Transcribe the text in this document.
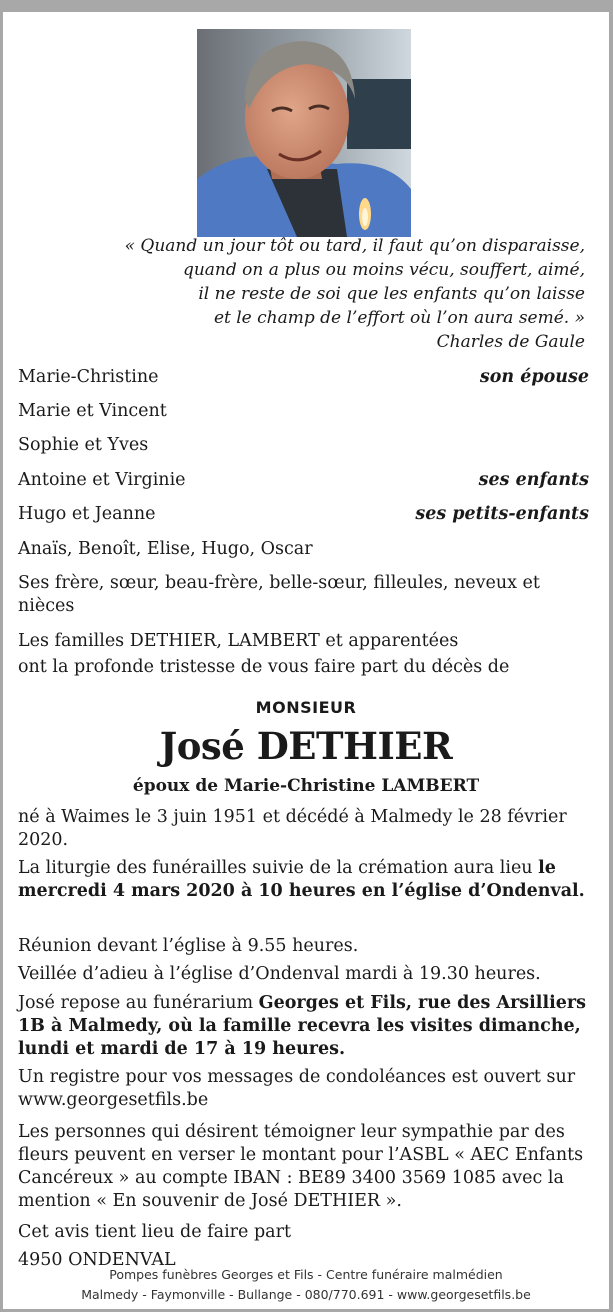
« Quand un jour tôt ou tard, il faut qu’on disparaisse,
quand on a plus ou moins vécu, souffert, aimé,
il ne reste de soi que les enfants qu’on laisse
et le champ de l’effort où l’on aura semé. »
Charles de Gaule
Marie-Christine	son épouse
Marie et Vincent
Sophie et Yves
Antoine et Virginie	ses enfants
Hugo et Jeanne	ses petits-enfants
Anaïs, Benoît, Elise, Hugo, Oscar
Ses frère, sœur, beau-frère, belle-sœur, filleules, neveux et nièces
Les familles DETHIER, LAMBERT et apparentées
ont la profonde tristesse de vous faire part du décès de
MONSIEUR
José DETHIER
époux de Marie-Christine LAMBERT
né à Waimes le 3 juin 1951 et décédé à Malmedy le 28 février 2020.
La liturgie des funérailles suivie de la crémation aura lieu le mercredi 4 mars 2020 à 10 heures en l’église d’Ondenval.
Réunion devant l’église à 9.55 heures.
Veillée d’adieu à l’église d’Ondenval mardi à 19.30 heures.
José repose au funérarium Georges et Fils, rue des Arsilliers 1B à Malmedy, où la famille recevra les visites dimanche, lundi et mardi de 17 à 19 heures.
Un registre pour vos messages de condoléances est ouvert sur www.georgesetfils.be
Les personnes qui désirent témoigner leur sympathie par des fleurs peuvent en verser le montant pour l’ASBL « AEC Enfants Cancéreux » au compte IBAN : BE89 3400 3569 1085 avec la mention « En souvenir de José DETHIER ».
Cet avis tient lieu de faire part
4950 ONDENVAL
Pompes funèbres Georges et Fils - Centre funéraire malmédien
Malmedy - Faymonville - Bullange - 080/770.691 - www.georgesetfils.be
